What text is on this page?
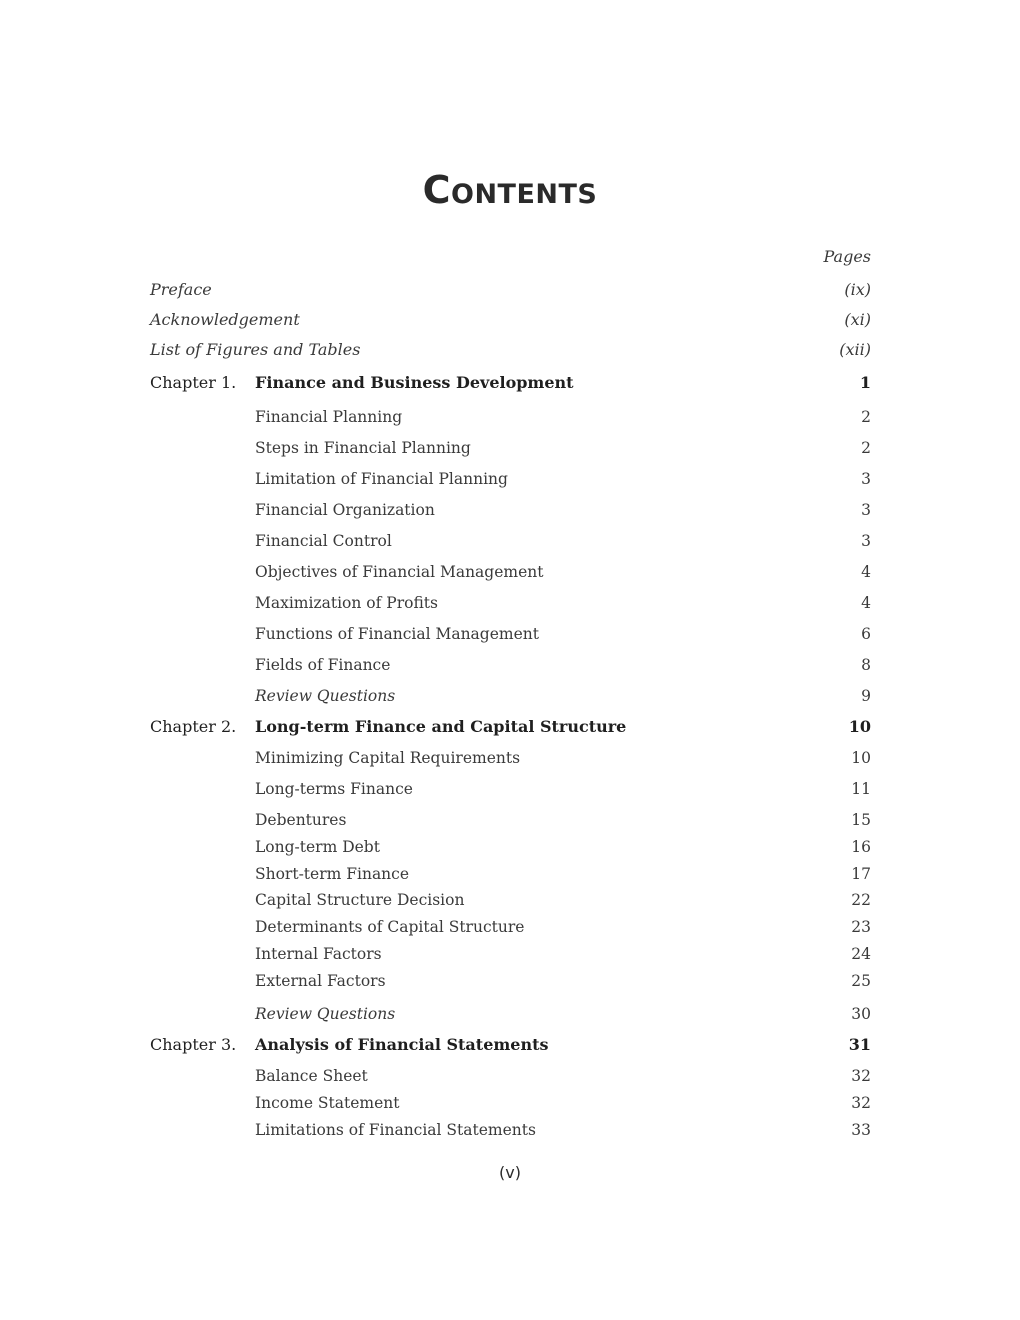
Contents
Pages
Preface	(ix)
Acknowledgement	(xi)
List of Figures and Tables	(xii)
Chapter 1. Finance and Business Development	1
Financial Planning	2
Steps in Financial Planning	2
Limitation of Financial Planning	3
Financial Organization	3
Financial Control	3
Objectives of Financial Management	4
Maximization of Profits	4
Functions of Financial Management	6
Fields of Finance	8
Review Questions	9
Chapter 2. Long-term Finance and Capital Structure	10
Minimizing Capital Requirements	10
Long-terms Finance	11
Debentures	15
Long-term Debt	16
Short-term Finance	17
Capital Structure Decision	22
Determinants of Capital Structure	23
Internal Factors	24
External Factors	25
Review Questions	30
Chapter 3. Analysis of Financial Statements	31
Balance Sheet	32
Income Statement	32
Limitations of Financial Statements	33
(v)
